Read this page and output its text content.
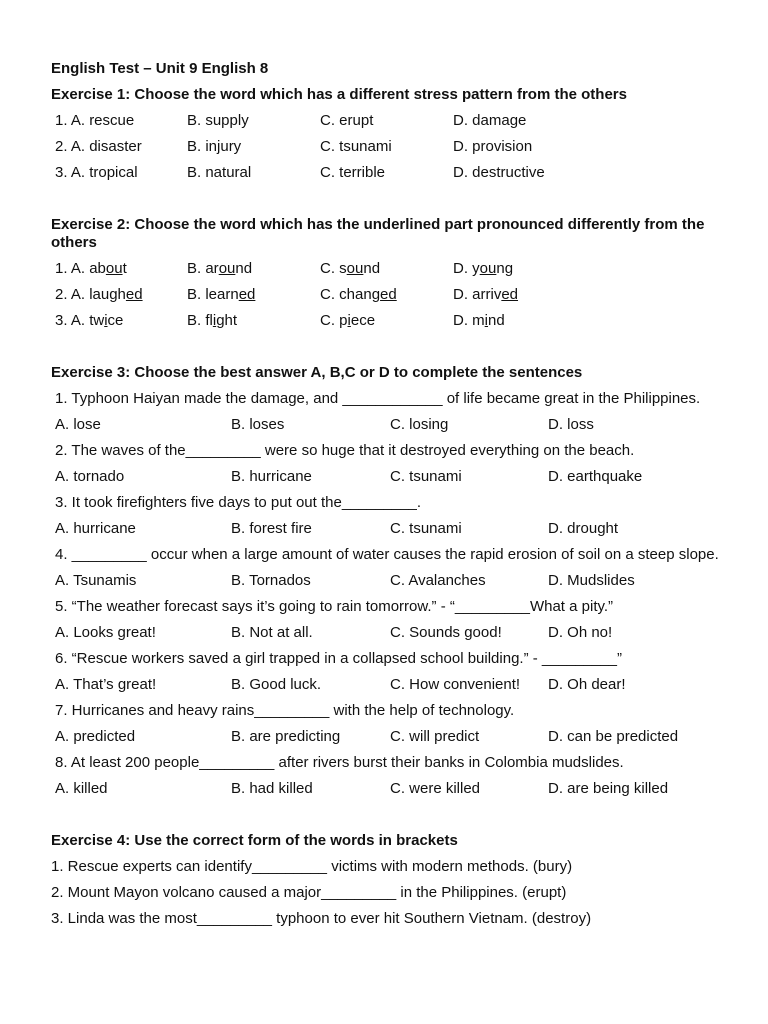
English Test – Unit 9 English 8
Exercise 1: Choose the word which has a different stress pattern from the others
1. A. rescue	B. supply	C. erupt	D. damage
2. A. disaster	B. injury	C. tsunami	D. provision
3. A. tropical	B. natural	C. terrible	D. destructive
Exercise 2: Choose the word which has the underlined part pronounced differently from the others
1. A. about	B. around	C. sound	D. young
2. A. laughed	B. learned	C. changed	D. arrived
3. A. twice	B. flight	C. piece	D. mind
Exercise 3: Choose the best answer A, B,C or D to complete the sentences
1. Typhoon Haiyan made the damage, and ____________ of life became great in the Philippines.
A. lose	B. loses	C. losing	D. loss
2. The waves of the_________ were so huge that it destroyed everything on the beach.
A. tornado	B. hurricane	C. tsunami	D. earthquake
3. It took firefighters five days to put out the_________.
A. hurricane	B. forest fire	C. tsunami	D. drought
4. _________ occur when a large amount of water causes the rapid erosion of soil on a steep slope.
A. Tsunamis	B. Tornados	C. Avalanches	D. Mudslides
5. “The weather forecast says it’s going to rain tomorrow.” - “_________What a pity.”
A. Looks great!	B. Not at all.	C. Sounds good!	D. Oh no!
6. “Rescue workers saved a girl trapped in a collapsed school building.” - _________”
A. That’s great!	B. Good luck.	C. How convenient!	D. Oh dear!
7. Hurricanes and heavy rains_________ with the help of technology.
A. predicted	B. are predicting	C. will predict	D. can be predicted
8. At least 200 people_________ after rivers burst their banks in Colombia mudslides.
A. killed	B. had killed	C. were killed	D. are being killed
Exercise 4: Use the correct form of the words in brackets
1. Rescue experts can identify_________ victims with modern methods. (bury)
2. Mount Mayon volcano caused a major_________ in the Philippines. (erupt)
3. Linda was the most_________ typhoon to ever hit Southern Vietnam. (destroy)
